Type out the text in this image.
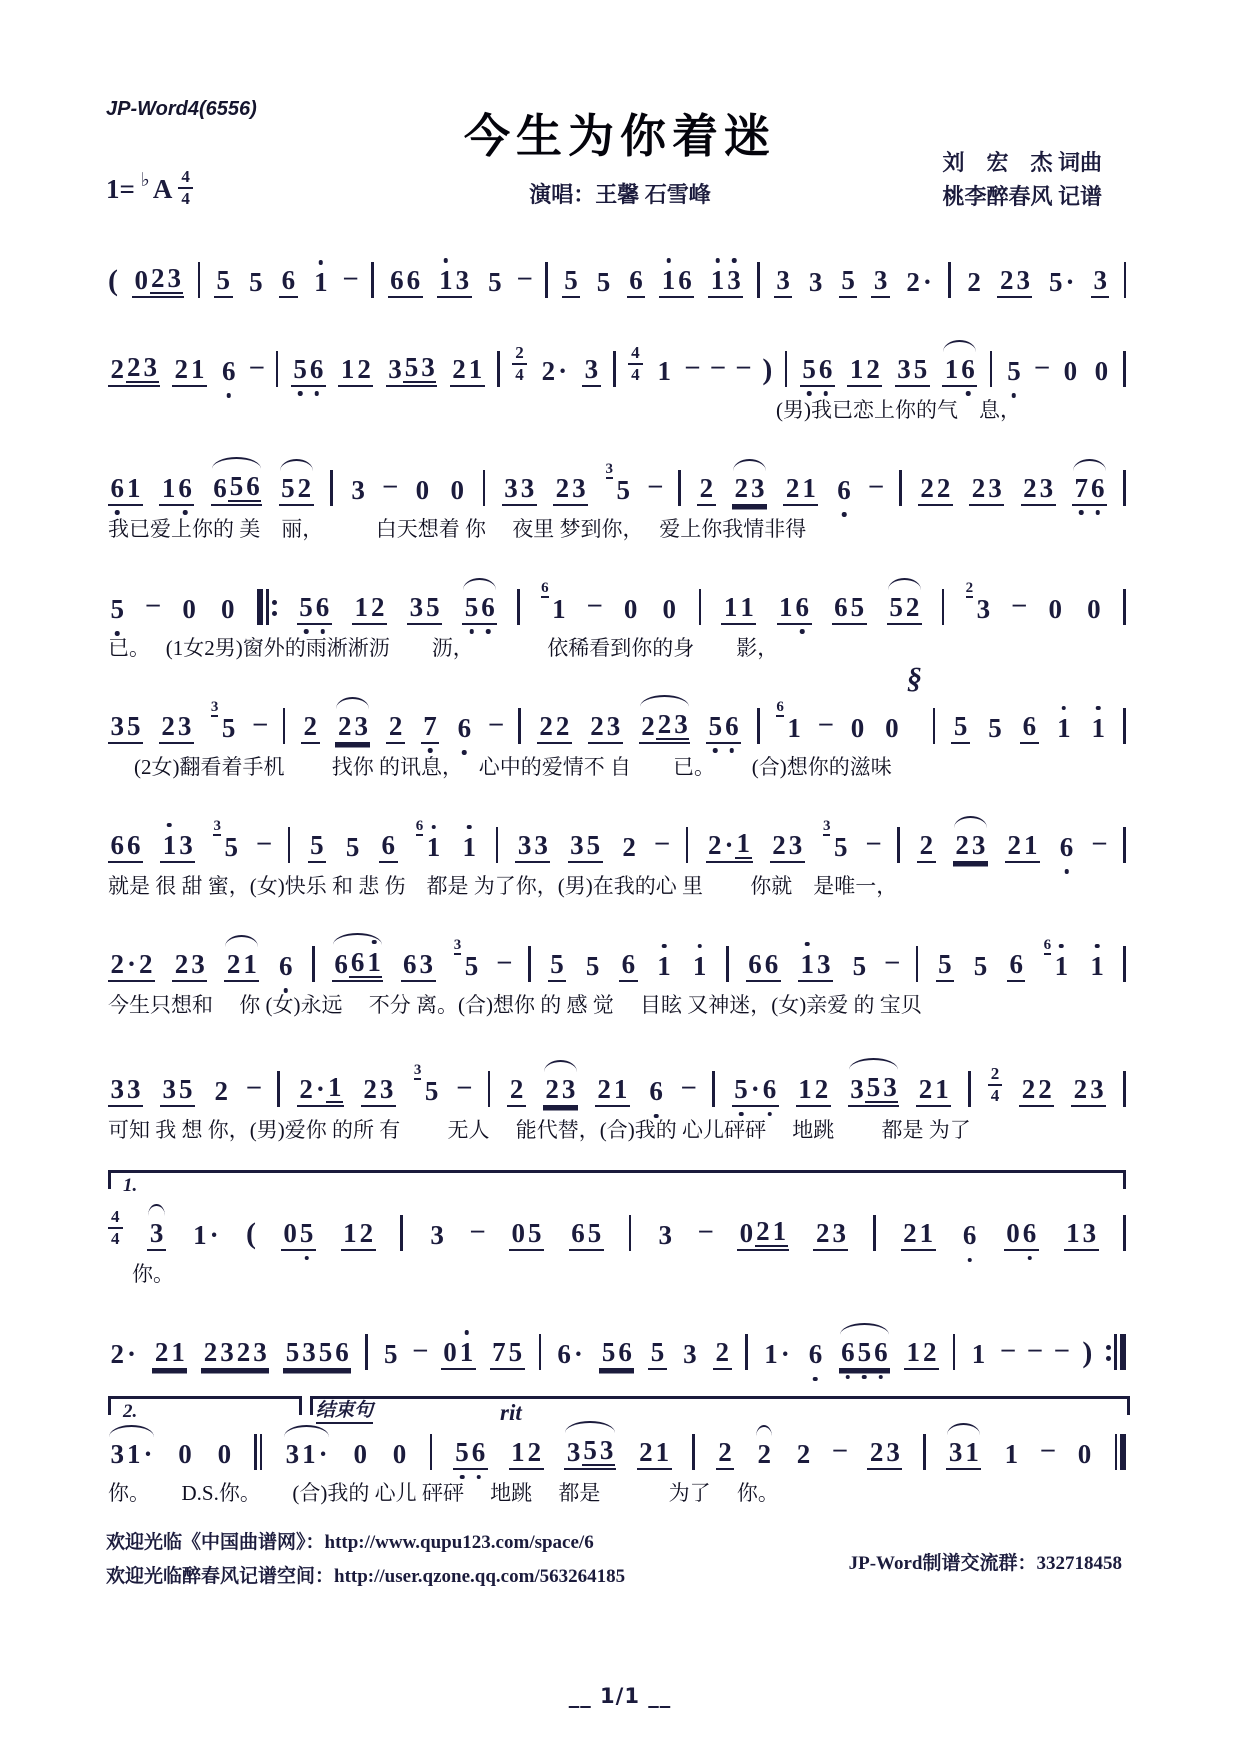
JP-Word4(6556)
今生为你着迷
刘　宏　杰 词曲
桃李醉春风 记谱
演唱：王馨 石雪峰
1= ♭ A $\frac{4}{4}$
( 0 2 3 5 5 6 1 – 6 6 1 3 5 – 5 5 6 1 6 1 3 3 3 5 3 2 · 2 2 3 5 · 3
2 2 3 2 1 6 – 5 6 1 2 3 5 3 2 $1 \frac{2}{4} 2 \cdot 3 \frac{4}{4} 1$ – – – ) 5 6 1 2 3 5 1 6 5 – 0 0
(男)我已恋上你的气　息，
6 1 1 6 6 5 6 5 2 3 – 0 0 3 3 2 3
3
5 – 2 2 3 2 1 6 – 2 2 2 3 2 3 7 6
我已爱上你的 美　丽，　　　白天想着 你　 夜里 梦到你，　 爱上你我情非得
5 – 0 0 5 6 1 2 3 5 5 6
6
1 – 0 0 1 1 1 6 6 5 5 2
2
3 – 0 0
已。　 (1女2男)窗外的雨淅淅沥　　沥，　　　　依稀看到你的身　　影，
3 5 2 3
3
5 – 2 2 3 2 7 6 – 2 2 2 3 2 2 3 5 6
6
1 – 0 0
§
5 5 6 1 1
(2女)翻看着手机　　 找你 的讯息，　 心中的爱情不 自　　已。　　 (合)想你的滋味
6 6 1 3
3
5 – 5 5 6
6
1 1 3 3 3 5 2 – 2 · 1 2 3
3
5 – 2 2 3 2 1 6 –
就是 很 甜 蜜，(女)快乐 和 悲 伤　都是 为了你，(男)在我的心 里　　 你就　是唯一，
2 · 2 2 3 2 1 6 6 6 1 6 3
3
5 – 5 5 6 1 1 6 6 1 3 5 – 5 5 6
6
1 1
今生只想和　 你 (女)永远　 不分 离。(合)想你 的 感 觉　 目眩 又神迷，(女)亲爱 的 宝贝
3 3 3 5 2 – 2 · 1 2 3
3
5 – 2 2 3 2 1 6 – 5 · 6 1 2 3 5 3 2 $1 \frac{2}{4} 2$ 2 2 3
可知 我 想 你，(男)爱你 的所 有　　 无人　 能代替，(合)我的 心儿砰砰　 地跳　　 都是 为了
1.
$\frac{4}{4} 3$ 1 · ( 0 5 1 2 3 – 0 5 6 5 3 – 0 2 1 2 3 2 1 6 0 6 1 3
你。
2 · 2 1 2 3 2 3 5 3 5 6 5 – 0 1 7 5 6 · 5 6 5 3 2 1 · 6 6 5 6 1 2 1 – – – )
2.	结束句	rit
3 1 · 0 0 3 1 · 0 0 5 6 1 2 3 5 3 2 1 2 2 2 – 2 3 3 1 1 – 0
你。　　D.S.你。　　(合)我的 心儿 砰砰　 地跳　 都是　　　 为了　 你。
欢迎光临《中国曲谱网》：http://www.qupu123.com/space/6
欢迎光临醉春风记谱空间：http://user.qzone.qq.com/563264185
JP-Word制谱交流群：332718458
__ 1/1 __
